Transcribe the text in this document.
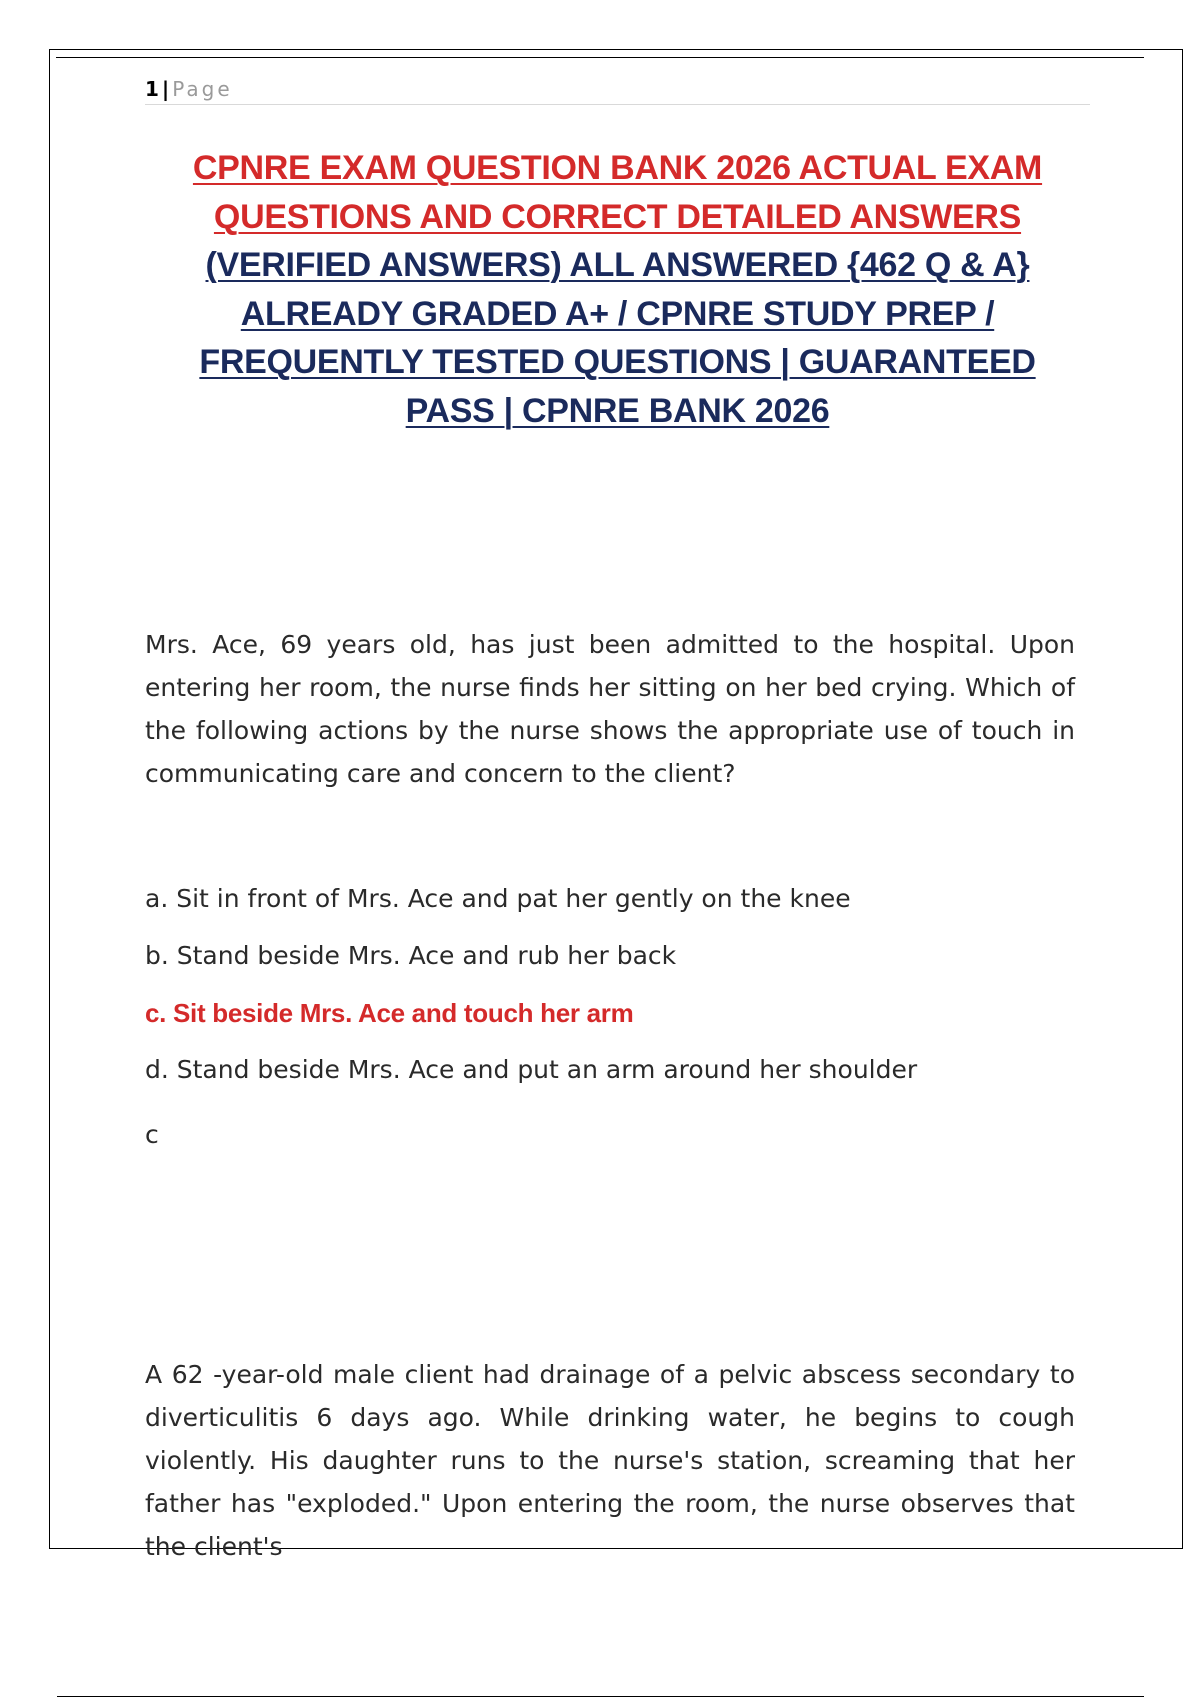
1 | Page
CPNRE EXAM QUESTION BANK 2026 ACTUAL EXAM
QUESTIONS AND CORRECT DETAILED ANSWERS
(VERIFIED ANSWERS) ALL ANSWERED {462 Q & A}
ALREADY GRADED A+ / CPNRE STUDY PREP /
FREQUENTLY TESTED QUESTIONS | GUARANTEED
PASS | CPNRE BANK 2026
Mrs. Ace, 69 years old, has just been admitted to the hospital. Upon entering her room, the nurse finds her sitting on her bed crying. Which of the following actions by the nurse shows the appropriate use of touch in communicating care and concern to the client?
a. Sit in front of Mrs. Ace and pat her gently on the knee
b. Stand beside Mrs. Ace and rub her back
c. Sit beside Mrs. Ace and touch her arm
d. Stand beside Mrs. Ace and put an arm around her shoulder
c
A 62 -year-old male client had drainage of a pelvic abscess secondary to diverticulitis 6 days ago. While drinking water, he begins to cough violently. His daughter runs to the nurse's station, screaming that her father has "exploded." Upon entering the room, the nurse observes that the client's
